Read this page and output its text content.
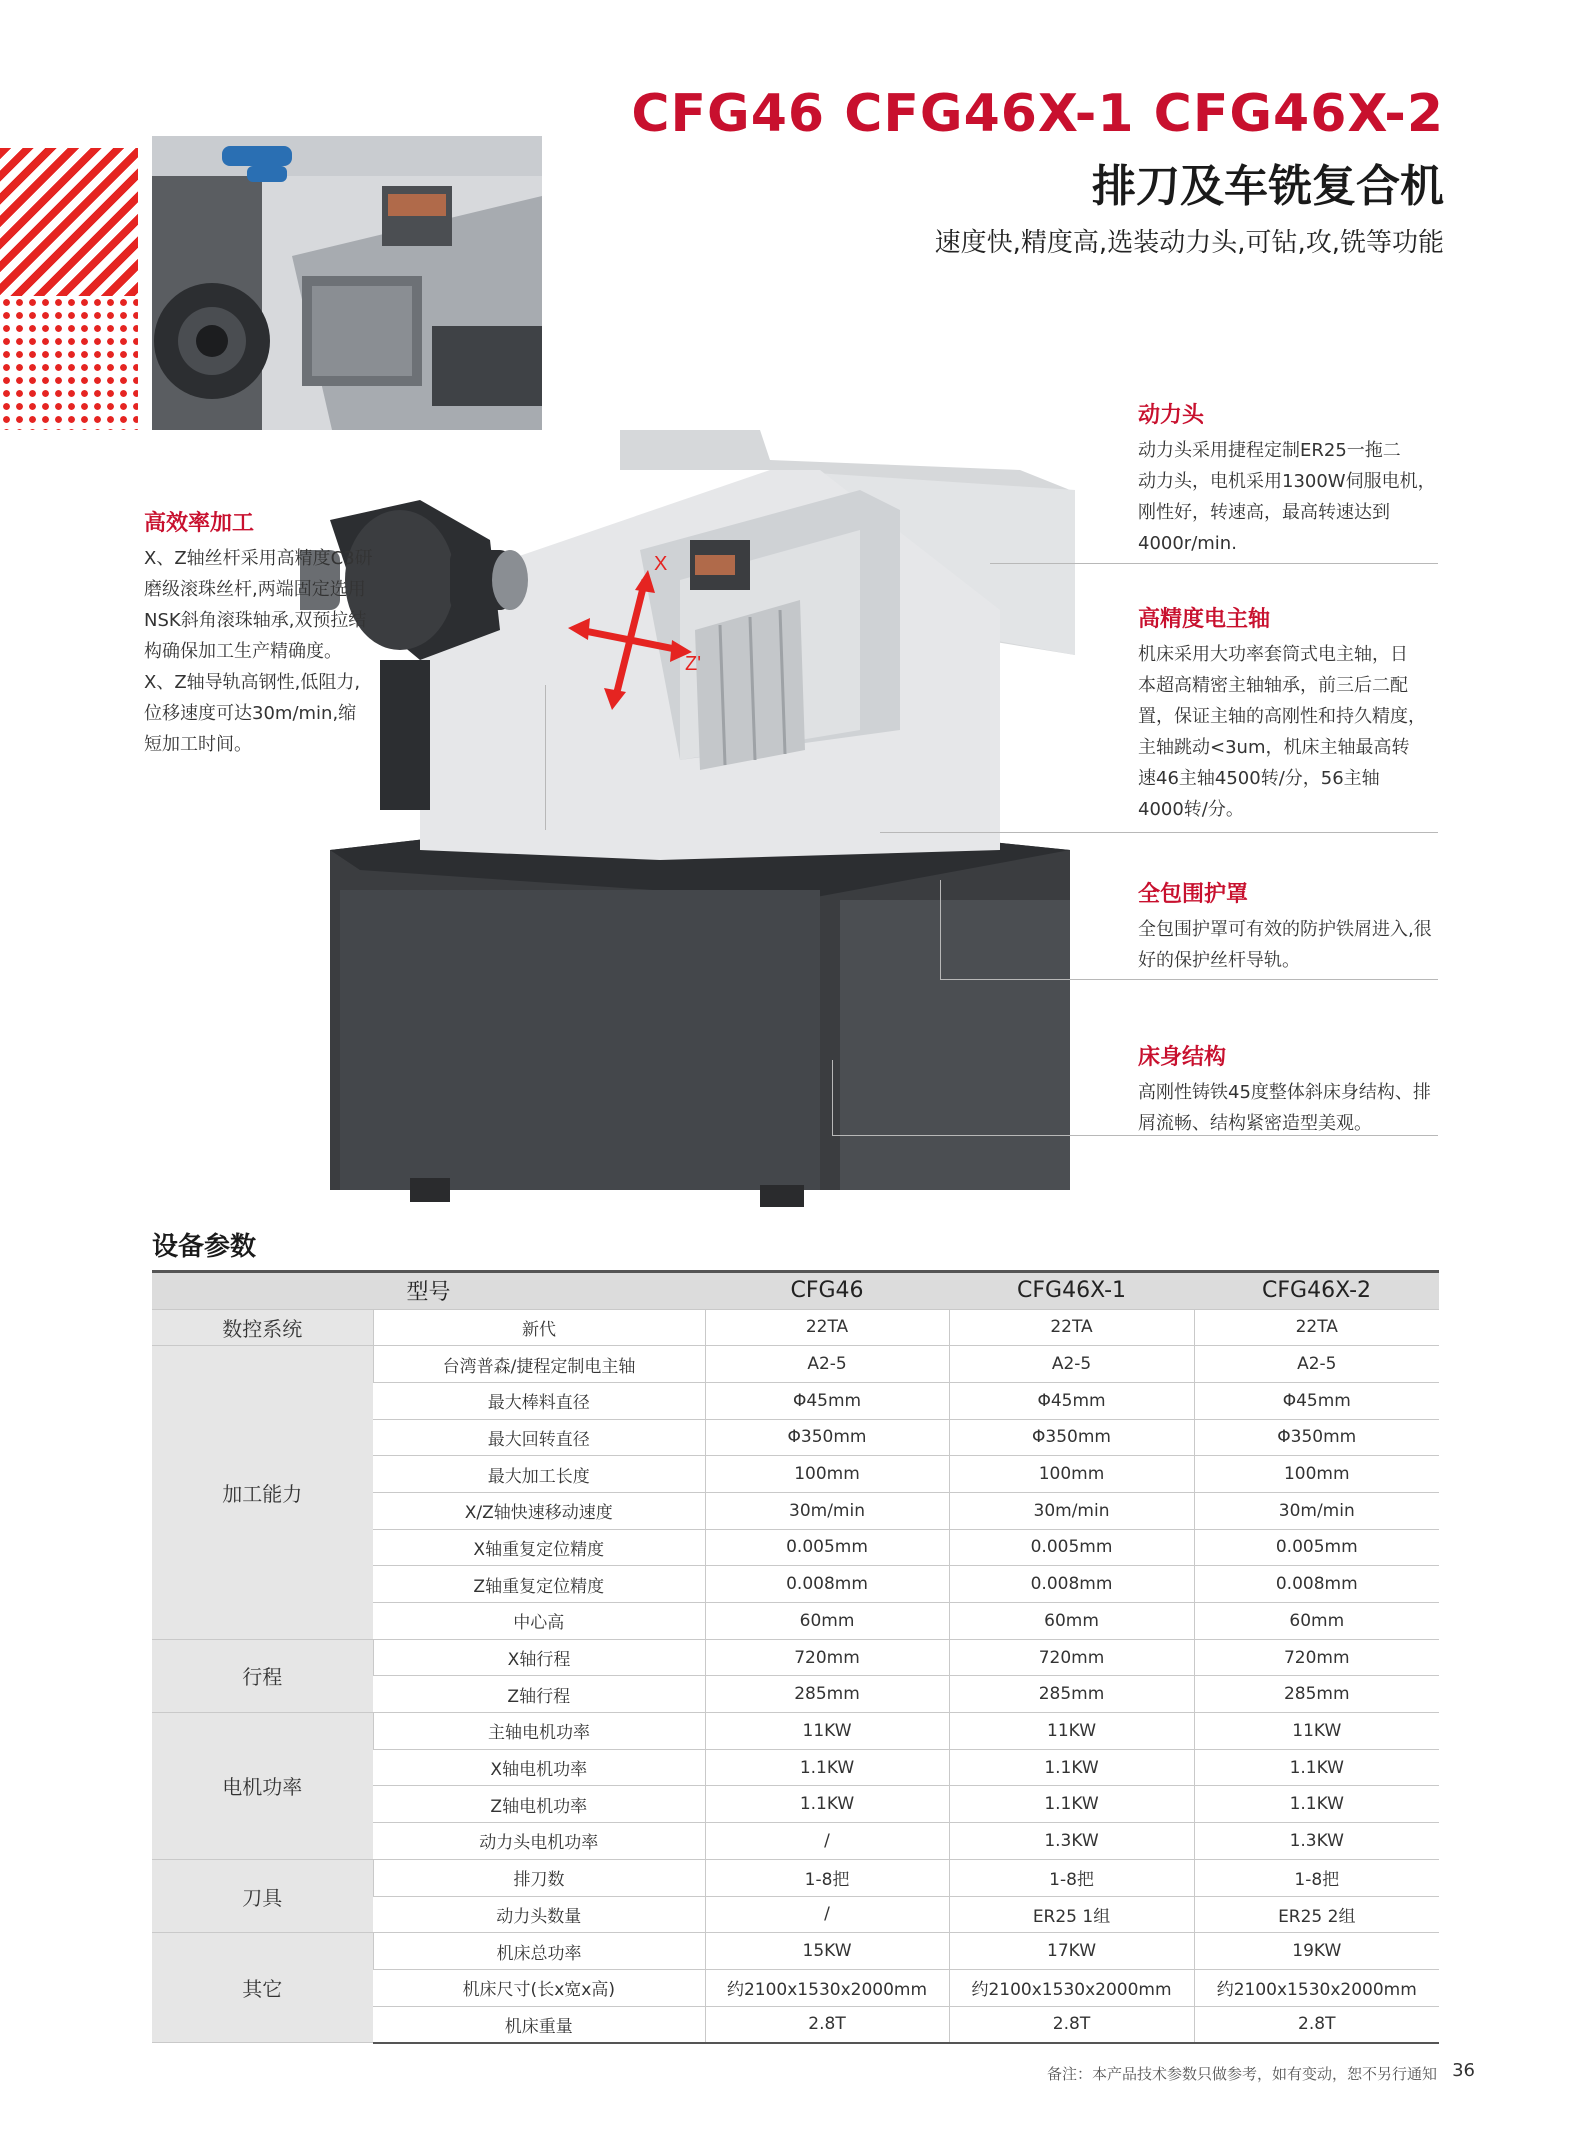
CFG46 CFG46X-1 CFG46X-2
排刀及车铣复合机
速度快,精度高,选装动力头,可钻,攻,铣等功能
X
Z'
高效率加工
X、Z轴丝杆采用高精度C3研
磨级滚珠丝杆,两端固定选用
NSK斜角滚珠轴承,双预拉结
构确保加工生产精确度。
X、Z轴导轨高钢性,低阻力,
位移速度可达30m/min,缩
短加工时间。
动力头
动力头采用捷程定制ER25一拖二
动力头，电机采用1300W伺服电机，
刚性好，转速高，最高转速达到
4000r/min.
高精度电主轴
机床采用大功率套筒式电主轴，日
本超高精密主轴轴承，前三后二配
置，保证主轴的高刚性和持久精度，
主轴跳动<3um，机床主轴最高转
速46主轴4500转/分，56主轴
4000转/分。
全包围护罩
全包围护罩可有效的防护铁屑进入,很
好的保护丝杆导轨。
床身结构
高刚性铸铁45度整体斜床身结构、排
屑流畅、结构紧密造型美观。
设备参数
型号		CFG46	CFG46X-1	CFG46X-2
数控系统	新代	22TA	22TA	22TA
加工能力	台湾普森/捷程定制电主轴	A2-5	A2-5	A2-5
	最大棒料直径	Φ45mm	Φ45mm	Φ45mm
	最大回转直径	Φ350mm	Φ350mm	Φ350mm
	最大加工长度	100mm	100mm	100mm
	X/Z轴快速移动速度	30m/min	30m/min	30m/min
	X轴重复定位精度	0.005mm	0.005mm	0.005mm
	Z轴重复定位精度	0.008mm	0.008mm	0.008mm
	中心高	60mm	60mm	60mm
行程	X轴行程	720mm	720mm	720mm
	Z轴行程	285mm	285mm	285mm
电机功率	主轴电机功率	11KW	11KW	11KW
	X轴电机功率	1.1KW	1.1KW	1.1KW
	Z轴电机功率	1.1KW	1.1KW	1.1KW
	动力头电机功率	/	1.3KW	1.3KW
刀具	排刀数	1-8把	1-8把	1-8把
	动力头数量	/	ER25 1组	ER25 2组
其它	机床总功率	15KW	17KW	19KW
	机床尺寸(长x宽x高)	约2100x1530x2000mm	约2100x1530x2000mm	约2100x1530x2000mm
	机床重量	2.8T	2.8T	2.8T
备注：本产品技术参数只做参考，如有变动，恕不另行通知 36
